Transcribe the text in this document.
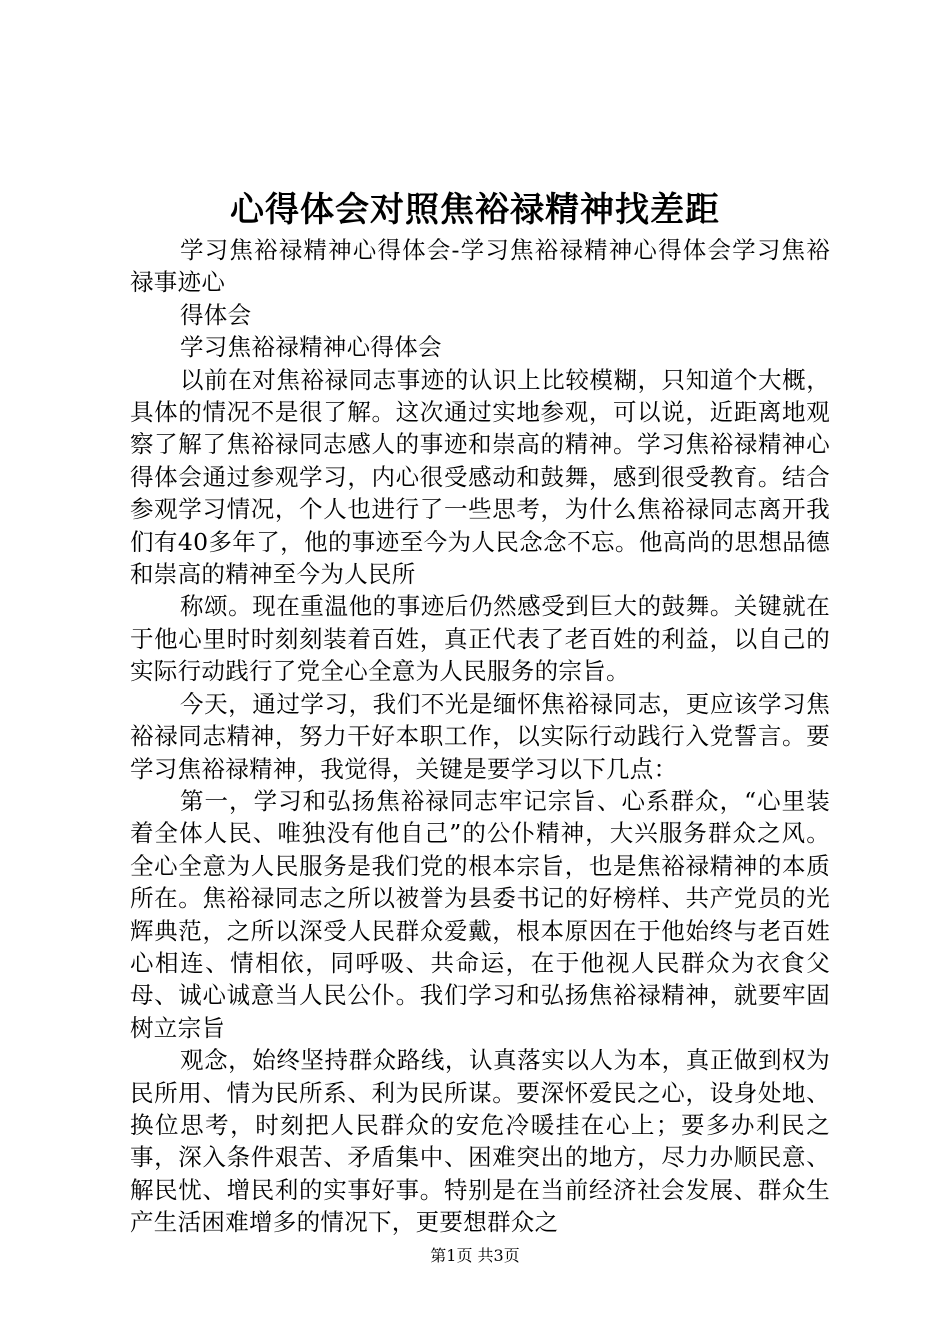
心得体会对照焦裕禄精神找差距

学习焦裕禄精神心得体会-学习焦裕禄精神心得体会学习焦裕禄事迹心

得体会

学习焦裕禄精神心得体会

以前在对焦裕禄同志事迹的认识上比较模糊，只知道个大概，具体的情况不是很了解。这次通过实地参观，可以说，近距离地观察了解了焦裕禄同志感人的事迹和崇高的精神。学习焦裕禄精神心得体会通过参观学习，内心很受感动和鼓舞，感到很受教育。结合参观学习情况，个人也进行了一些思考，为什么焦裕禄同志离开我们有40多年了，他的事迹至今为人民念念不忘。他高尚的思想品德和崇高的精神至今为人民所

称颂。现在重温他的事迹后仍然感受到巨大的鼓舞。关键就在于他心里时时刻刻装着百姓，真正代表了老百姓的利益，以自己的实际行动践行了党全心全意为人民服务的宗旨。

今天，通过学习，我们不光是缅怀焦裕禄同志，更应该学习焦裕禄同志精神，努力干好本职工作，以实际行动践行入党誓言。要学习焦裕禄精神，我觉得，关键是要学习以下几点：

第一，学习和弘扬焦裕禄同志牢记宗旨、心系群众，“心里装着全体人民、唯独没有他自己”的公仆精神，大兴服务群众之风。全心全意为人民服务是我们党的根本宗旨，也是焦裕禄精神的本质所在。焦裕禄同志之所以被誉为县委书记的好榜样、共产党员的光辉典范，之所以深受人民群众爱戴，根本原因在于他始终与老百姓心相连、情相依，同呼吸、共命运，在于他视人民群众为衣食父母、诚心诚意当人民公仆。我们学习和弘扬焦裕禄精神，就要牢固树立宗旨

观念，始终坚持群众路线，认真落实以人为本，真正做到权为民所用、情为民所系、利为民所谋。要深怀爱民之心，设身处地、换位思考，时刻把人民群众的安危冷暖挂在心上；要多办利民之事，深入条件艰苦、矛盾集中、困难突出的地方，尽力办顺民意、解民忧、增民利的实事好事。特别是在当前经济社会发展、群众生产生活困难增多的情况下，更要想群众之

第1页 共3页
